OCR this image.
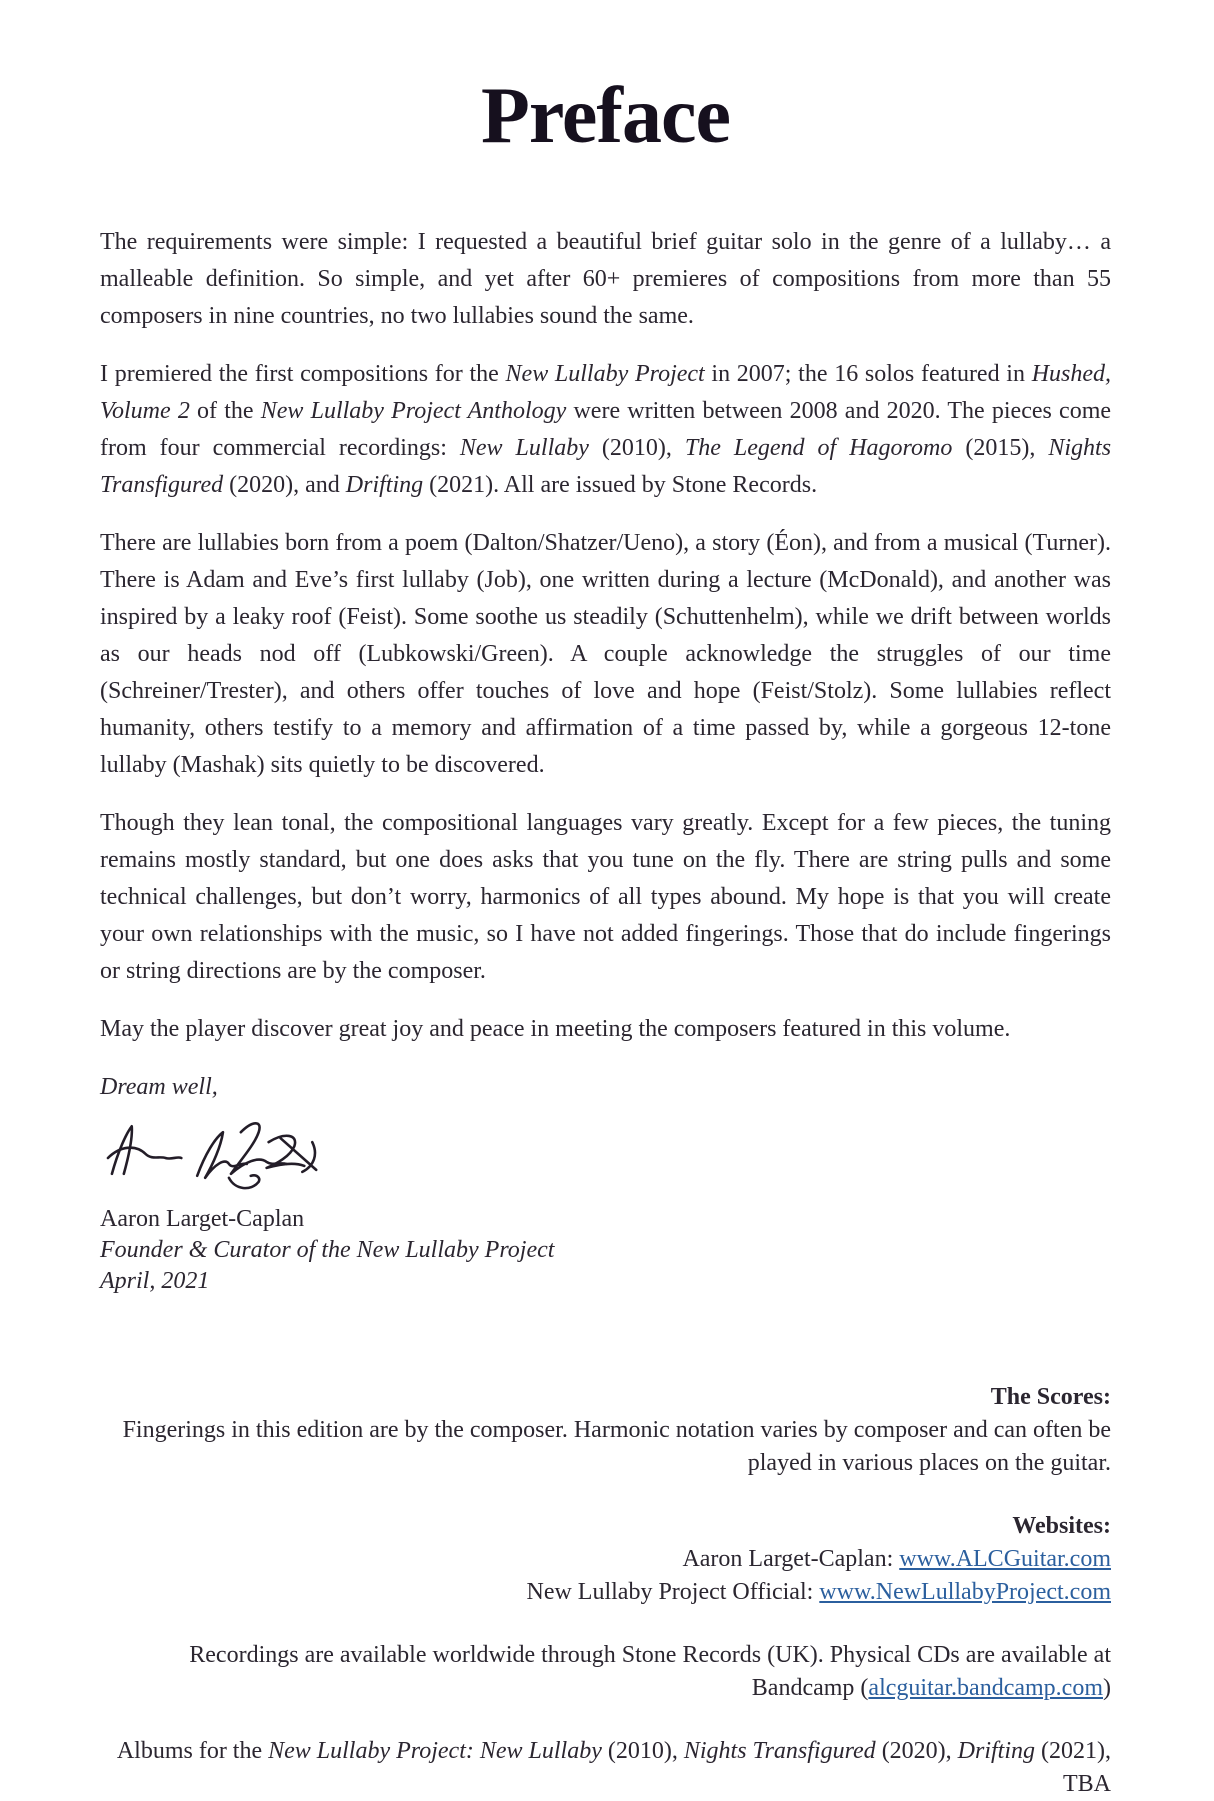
Preface

The requirements were simple: I requested a beautiful brief guitar solo in the genre of a lullaby… a malleable definition. So simple, and yet after 60+ premieres of compositions from more than 55 composers in nine countries, no two lullabies sound the same.

I premiered the first compositions for the New Lullaby Project in 2007; the 16 solos featured in Hushed, Volume 2 of the New Lullaby Project Anthology were written between 2008 and 2020. The pieces come from four commercial recordings: New Lullaby (2010), The Legend of Hagoromo (2015), Nights Transfigured (2020), and Drifting (2021). All are issued by Stone Records.

There are lullabies born from a poem (Dalton/Shatzer/Ueno), a story (Éon), and from a musical (Turner). There is Adam and Eve’s first lullaby (Job), one written during a lecture (McDonald), and another was inspired by a leaky roof (Feist). Some soothe us steadily (Schuttenhelm), while we drift between worlds as our heads nod off (Lubkowski/Green). A couple acknowledge the struggles of our time (Schreiner/Trester), and others offer touches of love and hope (Feist/Stolz). Some lullabies reflect humanity, others testify to a memory and affirmation of a time passed by, while a gorgeous 12-tone lullaby (Mashak) sits quietly to be discovered.

Though they lean tonal, the compositional languages vary greatly. Except for a few pieces, the tuning remains mostly standard, but one does asks that you tune on the fly. There are string pulls and some technical challenges, but don’t worry, harmonics of all types abound. My hope is that you will create your own relationships with the music, so I have not added fingerings. Those that do include fingerings or string directions are by the composer.

May the player discover great joy and peace in meeting the composers featured in this volume.

Dream well,

Aaron Larget-Caplan
Founder & Curator of the New Lullaby Project
April, 2021

The Scores:

Fingerings in this edition are by the composer. Harmonic notation varies by composer and can often be played in various places on the guitar.

Websites:

Aaron Larget-Caplan: www.ALCGuitar.com

New Lullaby Project Official: www.NewLullabyProject.com

Recordings are available worldwide through Stone Records (UK). Physical CDs are available at Bandcamp (alcguitar.bandcamp.com)

Albums for the New Lullaby Project: New Lullaby (2010), Nights Transfigured (2020), Drifting (2021), TBA
